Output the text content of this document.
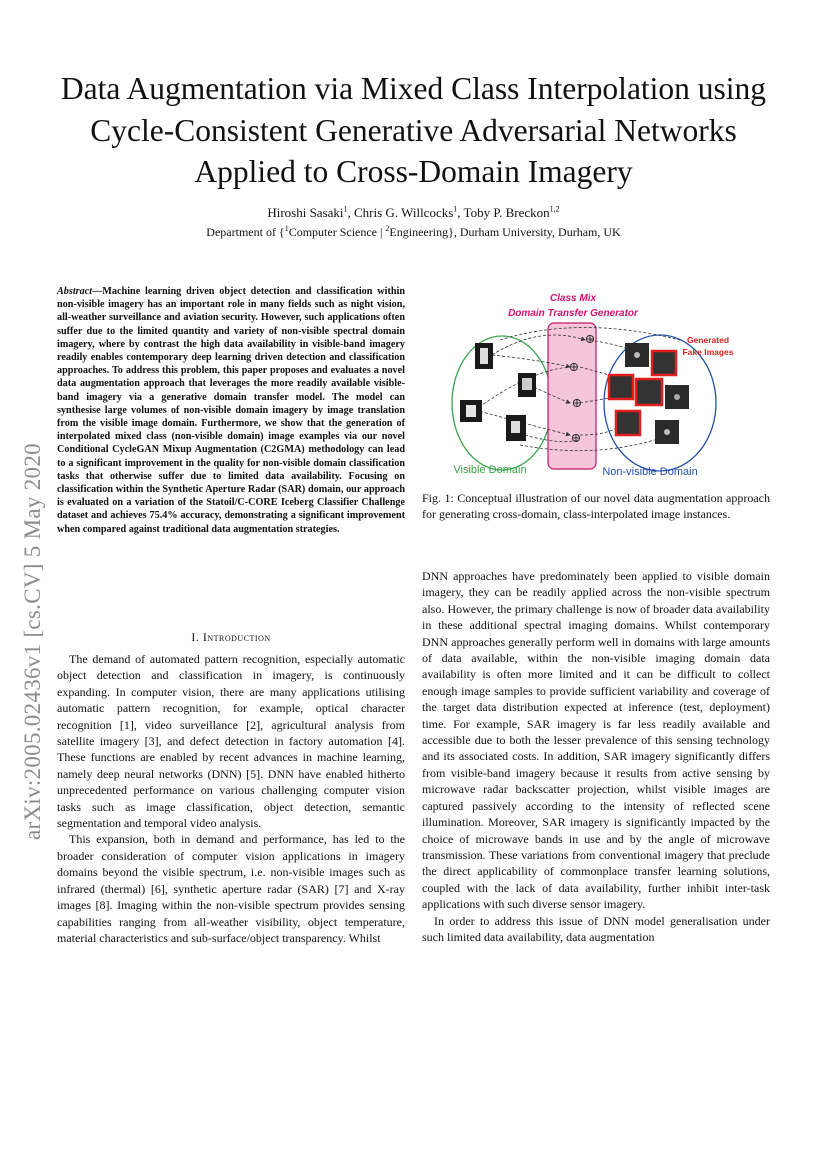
arXiv:2005.02436v1 [cs.CV] 5 May 2020
Data Augmentation via Mixed Class Interpolation using Cycle-Consistent Generative Adversarial Networks Applied to Cross-Domain Imagery
Hiroshi Sasaki$^1$, Chris G. Willcocks$^1$, Toby P. Breckon$^{1,2}$
Department of {$^1$Computer Science | $^2$Engineering}, Durham University, Durham, UK
Abstract—Machine learning driven object detection and classification within non-visible imagery has an important role in many fields such as night vision, all-weather surveillance and aviation security. However, such applications often suffer due to the limited quantity and variety of non-visible spectral domain imagery, where by contrast the high data availability in visible-band imagery readily enables contemporary deep learning driven detection and classification approaches. To address this problem, this paper proposes and evaluates a novel data augmentation approach that leverages the more readily available visible-band imagery via a generative domain transfer model. The model can synthesise large volumes of non-visible domain imagery by image translation from the visible image domain. Furthermore, we show that the generation of interpolated mixed class (non-visible domain) image examples via our novel Conditional CycleGAN Mixup Augmentation (C2GMA) methodology can lead to a significant improvement in the quality for non-visible domain classification tasks that otherwise suffer due to limited data availability. Focusing on classification within the Synthetic Aperture Radar (SAR) domain, our approach is evaluated on a variation of the Statoil/C-CORE Iceberg Classifier Challenge dataset and achieves 75.4% accuracy, demonstrating a significant improvement when compared against traditional data augmentation strategies.
I. Introduction

The demand of automated pattern recognition, especially automatic object detection and classification in imagery, is continuously expanding. In computer vision, there are many applications utilising automatic pattern recognition, for example, optical character recognition [1], video surveillance [2], agricultural analysis from satellite imagery [3], and defect detection in factory automation [4]. These functions are enabled by recent advances in machine learning, namely deep neural networks (DNN) [5]. DNN have enabled hitherto unprecedented performance on various challenging computer vision tasks such as image classification, object detection, semantic segmentation and temporal video analysis.

This expansion, both in demand and performance, has led to the broader consideration of computer vision applications in imagery domains beyond the visible spectrum, i.e. non-visible images such as infrared (thermal) [6], synthetic aperture radar (SAR) [7] and X-ray images [8]. Imaging within the non-visible spectrum provides sensing capabilities ranging from all-weather visibility, object temperature, material characteristics and sub-surface/object transparency. Whilst

Class Mix
Domain Transfer Generator
Generated
Fake Images
Visible Domain	Non-visible Domain
⊕
⊕
⊕
⊕
Fig. 1: Conceptual illustration of our novel data augmentation approach for generating cross-domain, class-interpolated image instances.

DNN approaches have predominately been applied to visible domain imagery, they can be readily applied across the non-visible spectrum also. However, the primary challenge is now of broader data availability in these additional spectral imaging domains. Whilst contemporary DNN approaches generally perform well in domains with large amounts of data available, within the non-visible imaging domain data availability is often more limited and it can be difficult to collect enough image samples to provide sufficient variability and coverage of the target data distribution expected at inference (test, deployment) time. For example, SAR imagery is far less readily available and accessible due to both the lesser prevalence of this sensing technology and its associated costs. In addition, SAR imagery significantly differs from visible-band imagery because it results from active sensing by microwave radar backscatter projection, whilst visible images are captured passively according to the intensity of reflected scene illumination. Moreover, SAR imagery is significantly impacted by the choice of microwave bands in use and by the angle of microwave transmission. These variations from conventional imagery that preclude the direct applicability of commonplace transfer learning solutions, coupled with the lack of data availability, further inhibit inter-task applications with such diverse sensor imagery.

In order to address this issue of DNN model generalisation under such limited data availability, data augmentation
